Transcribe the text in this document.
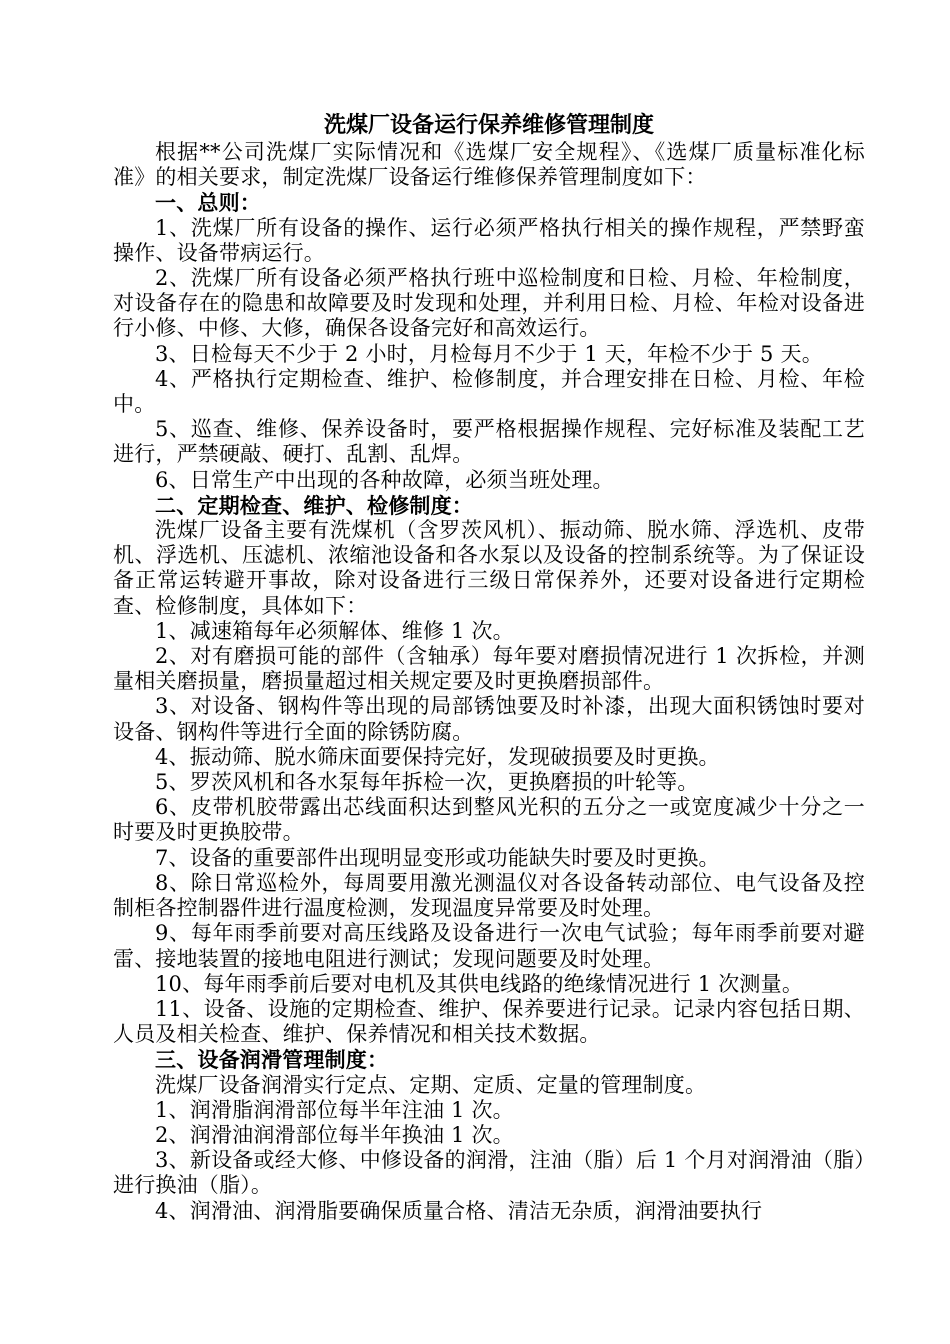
洗煤厂设备运行保养维修管理制度

根据**公司洗煤厂实际情况和《选煤厂安全规程》、《选煤厂质量标准化标准》的相关要求，制定洗煤厂设备运行维修保养管理制度如下：

一、总则：

1、洗煤厂所有设备的操作、运行必须严格执行相关的操作规程，严禁野蛮操作、设备带病运行。

2、洗煤厂所有设备必须严格执行班中巡检制度和日检、月检、年检制度，对设备存在的隐患和故障要及时发现和处理，并利用日检、月检、年检对设备进行小修、中修、大修，确保各设备完好和高效运行。

3、日检每天不少于 2 小时，月检每月不少于 1 天，年检不少于 5 天。

4、严格执行定期检查、维护、检修制度，并合理安排在日检、月检、年检中。

5、巡查、维修、保养设备时，要严格根据操作规程、完好标准及装配工艺进行，严禁硬敲、硬打、乱割、乱焊。

6、日常生产中出现的各种故障，必须当班处理。

二、定期检查、维护、检修制度：

洗煤厂设备主要有洗煤机（含罗茨风机）、振动筛、脱水筛、浮选机、皮带机、浮选机、压滤机、浓缩池设备和各水泵以及设备的控制系统等。为了保证设备正常运转避开事故，除对设备进行三级日常保养外，还要对设备进行定期检查、检修制度，具体如下：

1、减速箱每年必须解体、维修 1 次。

2、对有磨损可能的部件（含轴承）每年要对磨损情况进行 1 次拆检，并测量相关磨损量，磨损量超过相关规定要及时更换磨损部件。

3、对设备、钢构件等出现的局部锈蚀要及时补漆，出现大面积锈蚀时要对设备、钢构件等进行全面的除锈防腐。

4、振动筛、脱水筛床面要保持完好，发现破损要及时更换。

5、罗茨风机和各水泵每年拆检一次，更换磨损的叶轮等。

6、皮带机胶带露出芯线面积达到整风光积的五分之一或宽度减少十分之一时要及时更换胶带。

7、设备的重要部件出现明显变形或功能缺失时要及时更换。

8、除日常巡检外，每周要用激光测温仪对各设备转动部位、电气设备及控制柜各控制器件进行温度检测，发现温度异常要及时处理。

9、每年雨季前要对高压线路及设备进行一次电气试验；每年雨季前要对避雷、接地装置的接地电阻进行测试；发现问题要及时处理。

10、每年雨季前后要对电机及其供电线路的绝缘情况进行 1 次测量。

11、设备、设施的定期检查、维护、保养要进行记录。记录内容包括日期、人员及相关检查、维护、保养情况和相关技术数据。

三、设备润滑管理制度：

洗煤厂设备润滑实行定点、定期、定质、定量的管理制度。

1、润滑脂润滑部位每半年注油 1 次。

2、润滑油润滑部位每半年换油 1 次。

3、新设备或经大修、中修设备的润滑，注油（脂）后 1 个月对润滑油（脂）进行换油（脂）。

4、润滑油、润滑脂要确保质量合格、清洁无杂质，润滑油要执行
